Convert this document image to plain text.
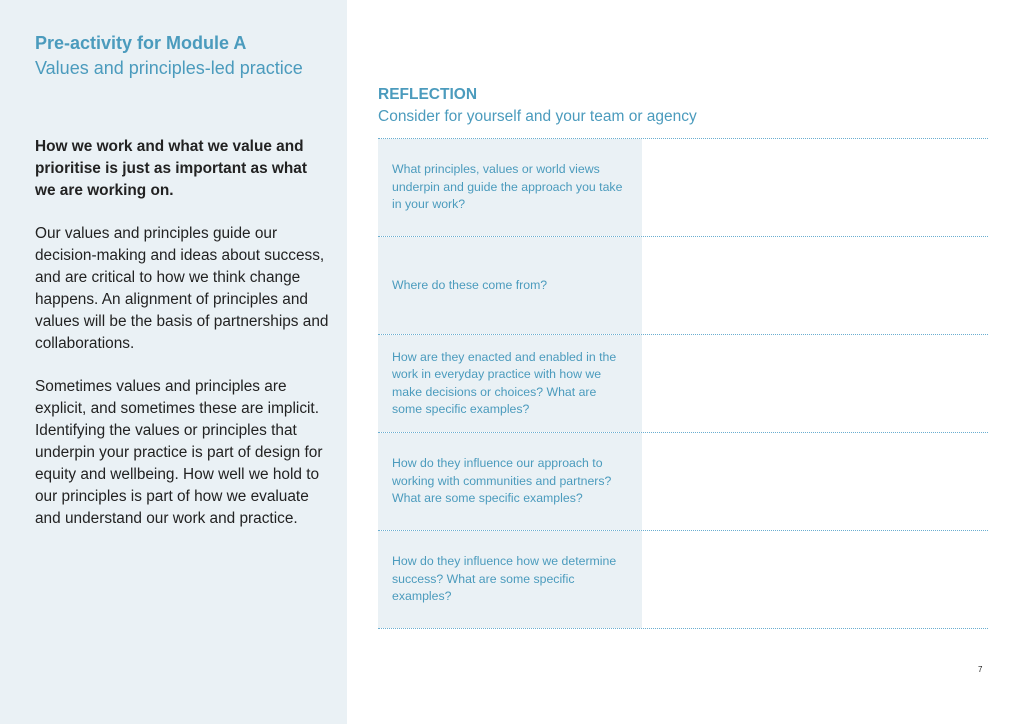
Pre-activity for Module A
Values and principles-led practice

How we work and what we value and prioritise is just as important as what we are working on.

Our values and principles guide our decision-making and ideas about success, and are critical to how we think change happens. An alignment of principles and values will be the basis of partnerships and collaborations.

Sometimes values and principles are explicit, and sometimes these are implicit. Identifying the values or principles that underpin your practice is part of design for equity and wellbeing. How well we hold to our principles is part of how we evaluate and understand our work and practice.

REFLECTION

Consider for yourself and your team or agency

What principles, values or world views underpin and guide the approach you take in your work?
Where do these come from?
How are they enacted and enabled in the work in everyday practice with how we make decisions or choices? What are some specific examples?
How do they influence our approach to working with communities and partners? What are some specific examples?
How do they influence how we determine success? What are some specific examples?

7
